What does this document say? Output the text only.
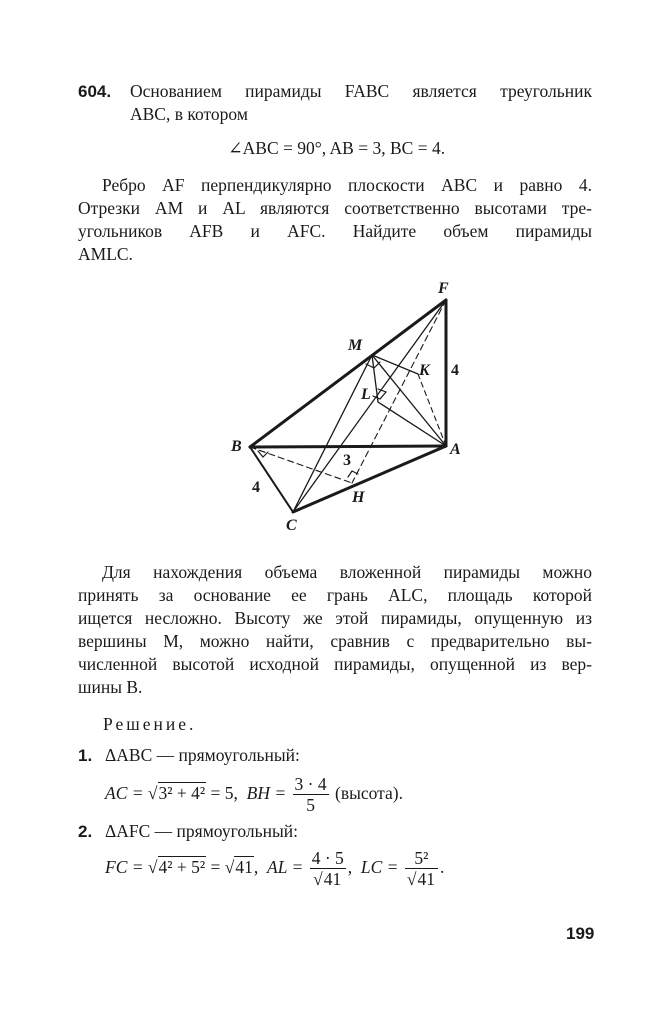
604. Основанием пирамиды FABC является треугольник
ABC, в котором
∠ABC = 90°, AB = 3, BC = 4.
Ребро AF перпендикулярно плоскости ABC и равно 4.
Отрезки AM и AL являются соответственно высотами тре-
угольников AFB и AFC. Найдите объем пирамиды
AMLC.
F
M
K 4
L
B	A
3
4
H
C
Для нахождения объема вложенной пирамиды можно
принять за основание ее грань ALC, площадь которой
ищется несложно. Высоту же этой пирамиды, опущенную из
вершины M, можно найти, сравнив с предварительно вы-
численной высотой исходной пирамиды, опущенной из вер-
шины B.
Решение.
1. ΔABC — прямоугольный:
AC = √3² + 4² = 5, BH = $\frac{3 \cdot 4}{5}$ (высота).
2. ΔAFC — прямоугольный:
FC = √4² + 5² = √41, AL = $\frac{4 \cdot 5}{√41}$ , LC = $\frac{\text{5²}}{√41}$ .
199
